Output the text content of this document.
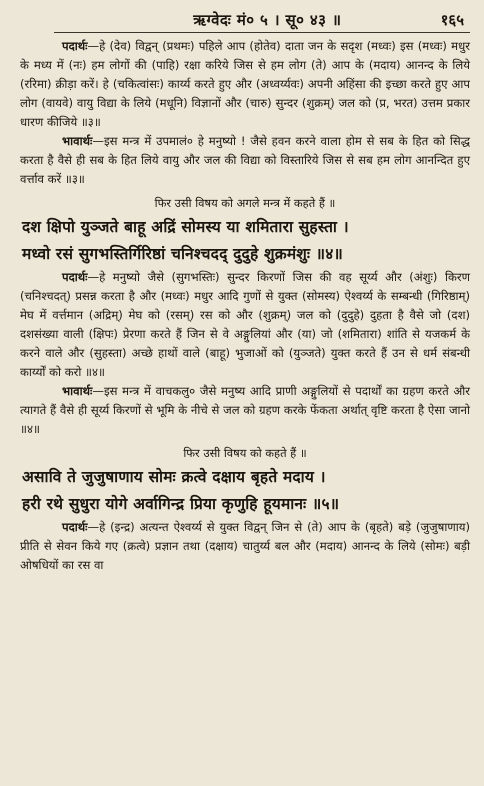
ऋग्वेदः मं० ५ । सू० ४३ ॥	१६५

पदार्थः—हे (देव) विद्वन् (प्रथमः) पहिले आप (होतेव) दाता जन के सदृश (मध्वः) इस (मध्वः) मधुर के मध्य में (नः) हम लोगों की (पाहि) रक्षा करिये जिस से हम लोग (ते) आप के (मदाय) आनन्द के लिये (ररिमा) क्रीड़ा करें। हे (चकित्वांसः) कार्य्य करते हुए और (अध्वर्य्यवः) अपनी अहिंसा की इच्छा करते हुए आप लोग (वायवे) वायु विद्या के लिये (मधूनि) विज्ञानों और (चारु) सुन्दर (शुक्रम्) जल को (प्र, भरत) उत्तम प्रकार धारण कीजिये ॥३॥

भावार्थः—इस मन्त्र में उपमालं० हे मनुष्यो ! जैसे हवन करने वाला होम से सब के हित को सिद्ध करता है वैसे ही सब के हित लिये वायु और जल की विद्या को विस्तारिये जिस से सब हम लोग आनन्दित हुए वर्त्ताव करें ॥३॥

फिर उसी विषय को अगले मन्त्र में कहते हैं ॥

दश क्षिपो युञ्जते बाहू अद्रिं सोमस्य या शमितारा सुहस्ता ।

मध्वो रसं सुगभस्तिर्गिरिष्ठां चनिश्चदद् दुदुहे शुक्रमंशुः ॥४॥

पदार्थः—हे मनुष्यो जैसे (सुगभस्तिः) सुन्दर किरणों जिस की वह सूर्य्य और (अंशुः) किरण (चनिश्चदत्) प्रसन्न करता है और (मध्वः) मधुर आदि गुणों से युक्त (सोमस्य) ऐश्वर्य्य के सम्बन्धी (गिरिष्ठाम्) मेघ में वर्त्तमान (अद्रिम्) मेघ को (रसम्) रस को और (शुक्रम्) जल को (दुदुहे) दुहता है वैसे जो (दश) दशसंख्या वाली (क्षिपः) प्रेरणा करते हैं जिन से वे अङ्गुलियां और (या) जो (शमितारा) शांति से यजकर्म के करने वाले और (सुहस्ता) अच्छे हाथों वाले (बाहू) भुजाओं को (युञ्जते) युक्त करते हैं उन से धर्म संबन्धी कार्य्यों को करो ॥४॥

भावार्थः—इस मन्त्र में वाचकलु० जैसे मनुष्य आदि प्राणी अङ्गुलियों से पदार्थों का ग्रहण करते और त्यागते हैं वैसे ही सूर्य्य किरणों से भूमि के नीचे से जल को ग्रहण करके फेंकता अर्थात् वृष्टि करता है ऐसा जानो ॥४॥

फिर उसी विषय को कहते हैं ॥

असावि ते जुजुषाणाय सोमः क्रत्वे दक्षाय बृहते मदाय ।

हरी रथे सुधुरा योगे अर्वागिन्द्र प्रिया कृणुहि हूयमानः ॥५॥

पदार्थः—हे (इन्द्र) अत्यन्त ऐश्वर्य्य से युक्त विद्वन् जिन से (ते) आप के (बृहते) बड़े (जुजुषाणाय) प्रीति से सेवन किये गए (क्रत्वे) प्रज्ञान तथा (दक्षाय) चातुर्य्य बल और (मदाय) आनन्द के लिये (सोमः) बड़ी ओषधियों का रस वा
